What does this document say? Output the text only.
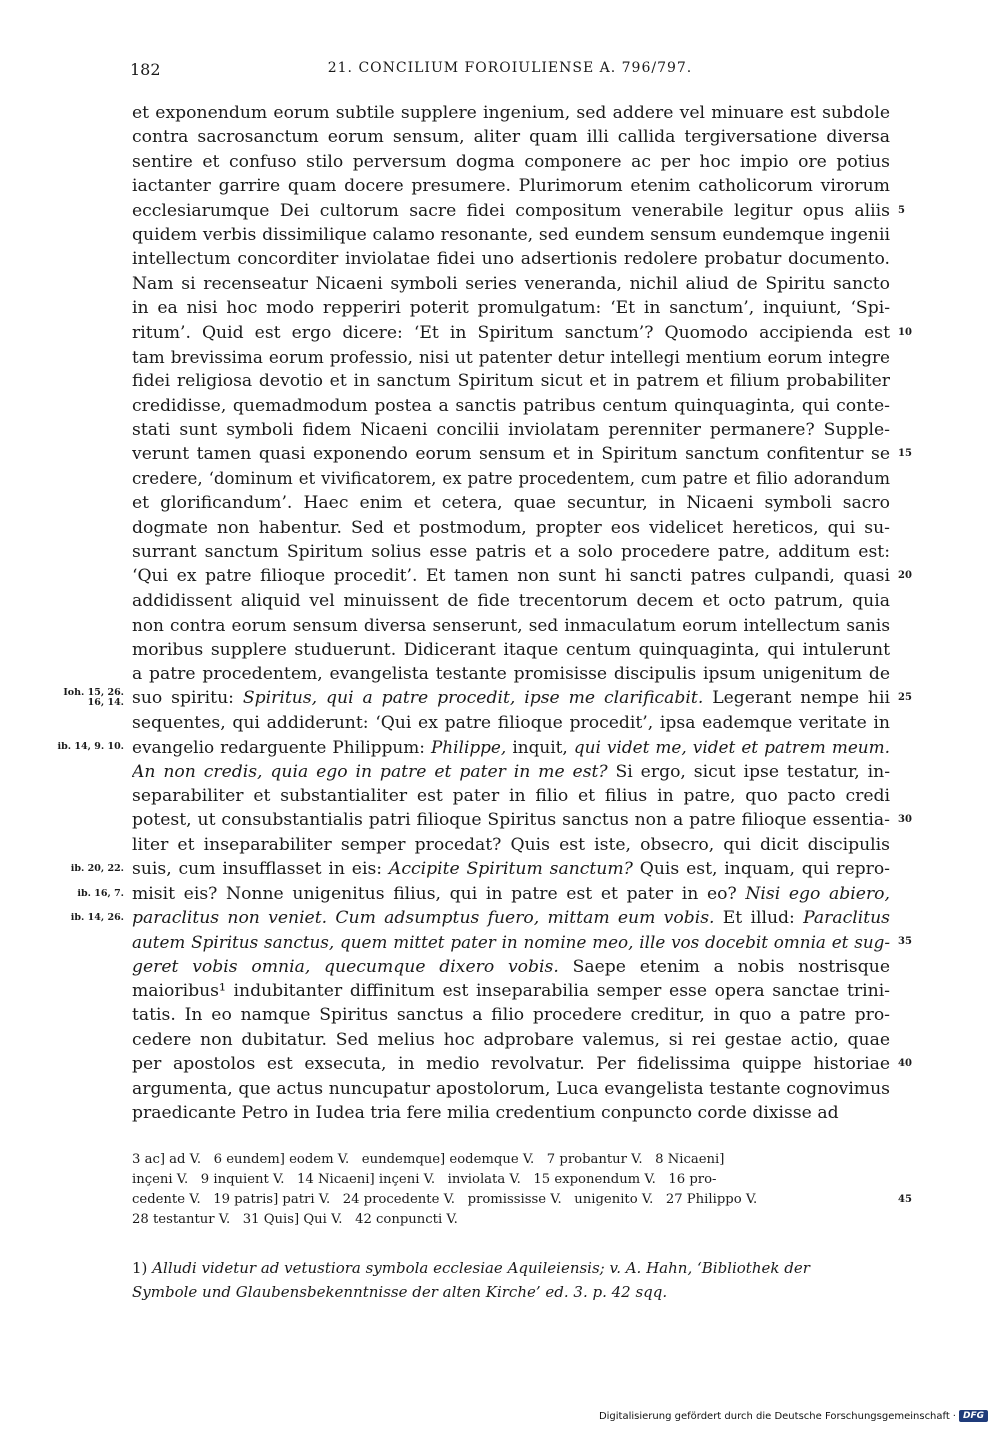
182	21. CONCILIUM FOROIULIENSE A. 796/797.
et exponendum eorum subtile supplere ingenium, sed addere vel minuare est subdole
contra sacrosanctum eorum sensum, aliter quam illi callida tergiversatione diversa
sentire et confuso stilo perversum dogma componere ac per hoc impio ore potius
iactanter garrire quam docere presumere. Plurimorum etenim catholicorum virorum
ecclesiarumque Dei cultorum sacre fidei compositum venerabile legitur opus aliis 5
quidem verbis dissimilique calamo resonante, sed eundem sensum eundemque ingenii
intellectum concorditer inviolatae fidei uno adsertionis redolere probatur documento.
Nam si recenseatur Nicaeni symboli series veneranda, nichil aliud de Spiritu sancto
in ea nisi hoc modo repperiri poterit promulgatum: ‘Et in sanctum’, inquiunt, ‘Spi-
ritum’. Quid est ergo dicere: ‘Et in Spiritum sanctum’? Quomodo accipienda est 10
tam brevissima eorum professio, nisi ut patenter detur intellegi mentium eorum integre
fidei religiosa devotio et in sanctum Spiritum sicut et in patrem et filium probabiliter
credidisse, quemadmodum postea a sanctis patribus centum quinquaginta, qui conte-
stati sunt symboli fidem Nicaeni concilii inviolatam perenniter permanere? Supple-
verunt tamen quasi exponendo eorum sensum et in Spiritum sanctum confitentur se 15
credere, ‘dominum et vivificatorem, ex patre procedentem, cum patre et filio adorandum
et glorificandum’. Haec enim et cetera, quae secuntur, in Nicaeni symboli sacro
dogmate non habentur. Sed et postmodum, propter eos videlicet hereticos, qui su-
surrant sanctum Spiritum solius esse patris et a solo procedere patre, additum est:
‘Qui ex patre filioque procedit’. Et tamen non sunt hi sancti patres culpandi, quasi 20
addidissent aliquid vel minuissent de fide trecentorum decem et octo patrum, quia
non contra eorum sensum diversa senserunt, sed inmaculatum eorum intellectum sanis
moribus supplere studuerunt. Didicerant itaque centum quinquaginta, qui intulerunt
a patre procedentem, evangelista testante promisisse discipulis ipsum unigenitum de
suo spiritu: Spiritus, qui a patre procedit, ipse me clarificabit. Legerant nempe hii 25
Ioh. 15, 26.
16, 14.
sequentes, qui addiderunt: ‘Qui ex patre filioque procedit’, ipsa eademque veritate in
evangelio redarguente Philippum: Philippe, inquit, qui videt me, videt et patrem meum.
ib. 14, 9. 10.
An non credis, quia ego in patre et pater in me est? Si ergo, sicut ipse testatur, in-
separabiliter et substantialiter est pater in filio et filius in patre, quo pacto credi
potest, ut consubstantialis patri filioque Spiritus sanctus non a patre filioque essentia- 30
liter et inseparabiliter semper procedat? Quis est iste, obsecro, qui dicit discipulis
suis, cum insufflasset in eis: Accipite Spiritum sanctum? Quis est, inquam, qui repro-
ib. 20, 22.
misit eis? Nonne unigenitus filius, qui in patre est et pater in eo? Nisi ego abiero,
ib. 16, 7.
paraclitus non veniet. Cum adsumptus fuero, mittam eum vobis. Et illud: Paraclitus
ib. 14, 26.
autem Spiritus sanctus, quem mittet pater in nomine meo, ille vos docebit omnia et sug- 35
geret vobis omnia, quecumque dixero vobis. Saepe etenim a nobis nostrisque
maioribus¹ indubitanter diffinitum est inseparabilia semper esse opera sanctae trini-
tatis. In eo namque Spiritus sanctus a filio procedere creditur, in quo a patre pro-
cedere non dubitatur. Sed melius hoc adprobare valemus, si rei gestae actio, quae
per apostolos est exsecuta, in medio revolvatur. Per fidelissima quippe historiae 40
argumenta, que actus nuncupatur apostolorum, Luca evangelista testante cognovimus
praedicante Petro in Iudea tria fere milia credentium conpuncto corde dixisse ad
3 ac] ad V.   6 eundem] eodem V.   eundemque] eodemque V.   7 probantur V.   8 Nicaeni]
inçeni V.   9 inquient V.   14 Nicaeni] inçeni V.   inviolata V.   15 exponendum V.   16 pro-
cedente V.   19 patris] patri V.   24 procedente V.   promississe V.   unigenito V.   27 Philippo V.	45
28 testantur V.   31 Quis] Qui V.   42 conpuncti V.
1) Alludi videtur ad vetustiora symbola ecclesiae Aquileiensis; v. A. Hahn, ‘Bibliothek der
Symbole und Glaubensbekenntnisse der alten Kirche’ ed. 3. p. 42 sqq.
Digitalisierung gefördert durch die Deutsche Forschungsgemeinschaft · DFG
